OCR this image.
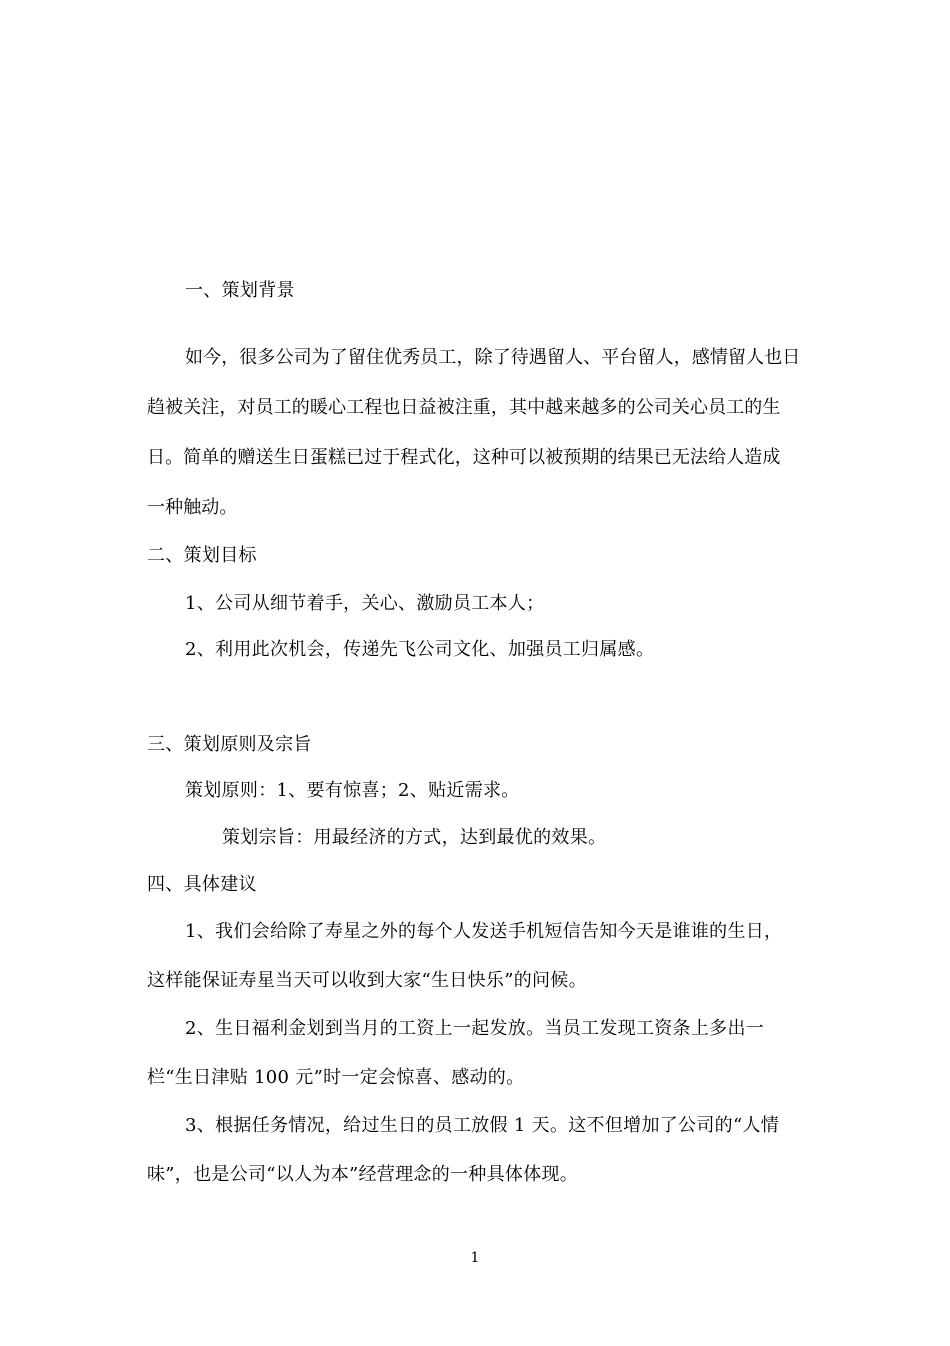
一、策划背景
如今，很多公司为了留住优秀员工，除了待遇留人、平台留人，感情留人也日
趋被关注，对员工的暖心工程也日益被注重，其中越来越多的公司关心员工的生
日。简单的赠送生日蛋糕已过于程式化，这种可以被预期的结果已无法给人造成
一种触动。
二、策划目标
1、公司从细节着手，关心、激励员工本人；
2、利用此次机会，传递先飞公司文化、加强员工归属感。
三、策划原则及宗旨
策划原则：1、要有惊喜；2、贴近需求。
策划宗旨：用最经济的方式，达到最优的效果。
四、具体建议
1、我们会给除了寿星之外的每个人发送手机短信告知今天是谁谁的生日，
这样能保证寿星当天可以收到大家“生日快乐”的问候。
2、生日福利金划到当月的工资上一起发放。当员工发现工资条上多出一
栏“生日津贴 100 元”时一定会惊喜、感动的。
3、根据任务情况，给过生日的员工放假 1 天。这不但增加了公司的“人情
味”，也是公司“以人为本”经营理念的一种具体体现。
1
